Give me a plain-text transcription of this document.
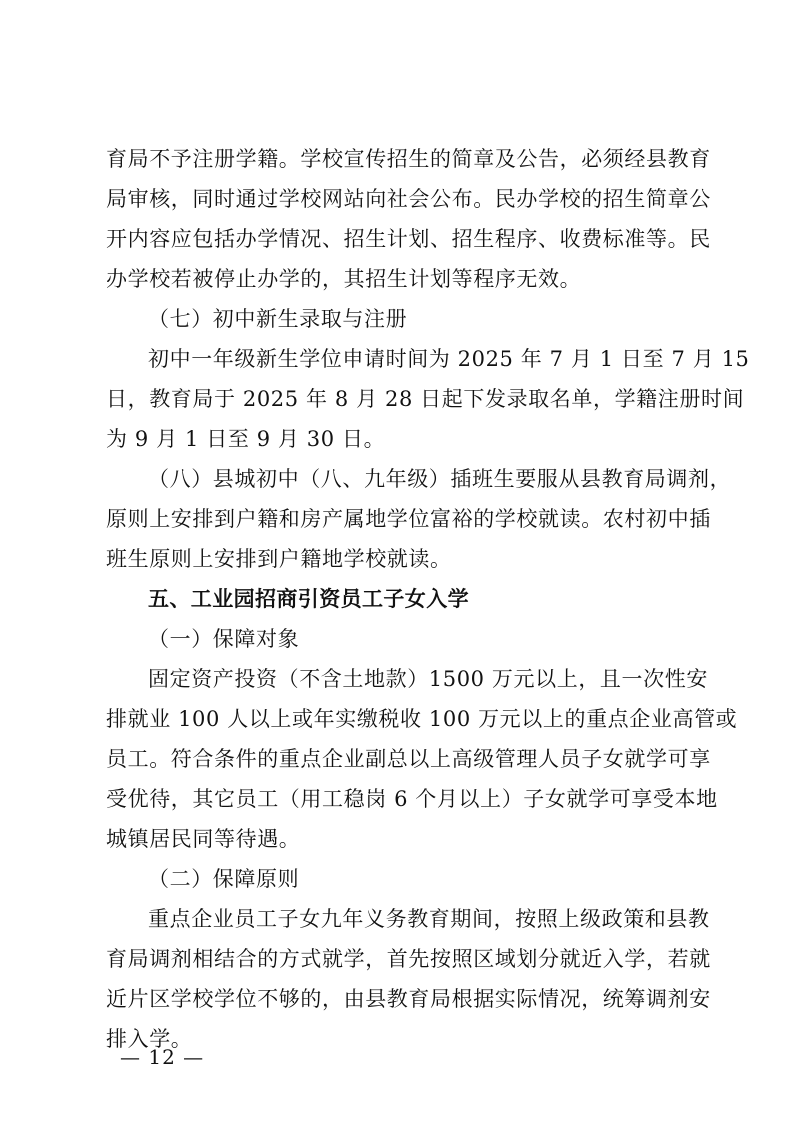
育局不予注册学籍。学校宣传招生的简章及公告，必须经县教育
局审核，同时通过学校网站向社会公布。民办学校的招生简章公
开内容应包括办学情况、招生计划、招生程序、收费标准等。民
办学校若被停止办学的，其招生计划等程序无效。
（七）初中新生录取与注册
初中一年级新生学位申请时间为 2025 年 7 月 1 日至 7 月 15
日，教育局于 2025 年 8 月 28 日起下发录取名单，学籍注册时间
为 9 月 1 日至 9 月 30 日。
（八）县城初中（八、九年级）插班生要服从县教育局调剂，
原则上安排到户籍和房产属地学位富裕的学校就读。农村初中插
班生原则上安排到户籍地学校就读。
五、工业园招商引资员工子女入学
（一）保障对象
固定资产投资（不含土地款）1500 万元以上，且一次性安
排就业 100 人以上或年实缴税收 100 万元以上的重点企业高管或
员工。符合条件的重点企业副总以上高级管理人员子女就学可享
受优待，其它员工（用工稳岗 6 个月以上）子女就学可享受本地
城镇居民同等待遇。
（二）保障原则
重点企业员工子女九年义务教育期间，按照上级政策和县教
育局调剂相结合的方式就学，首先按照区域划分就近入学，若就
近片区学校学位不够的，由县教育局根据实际情况，统筹调剂安
排入学。
— 12 —
